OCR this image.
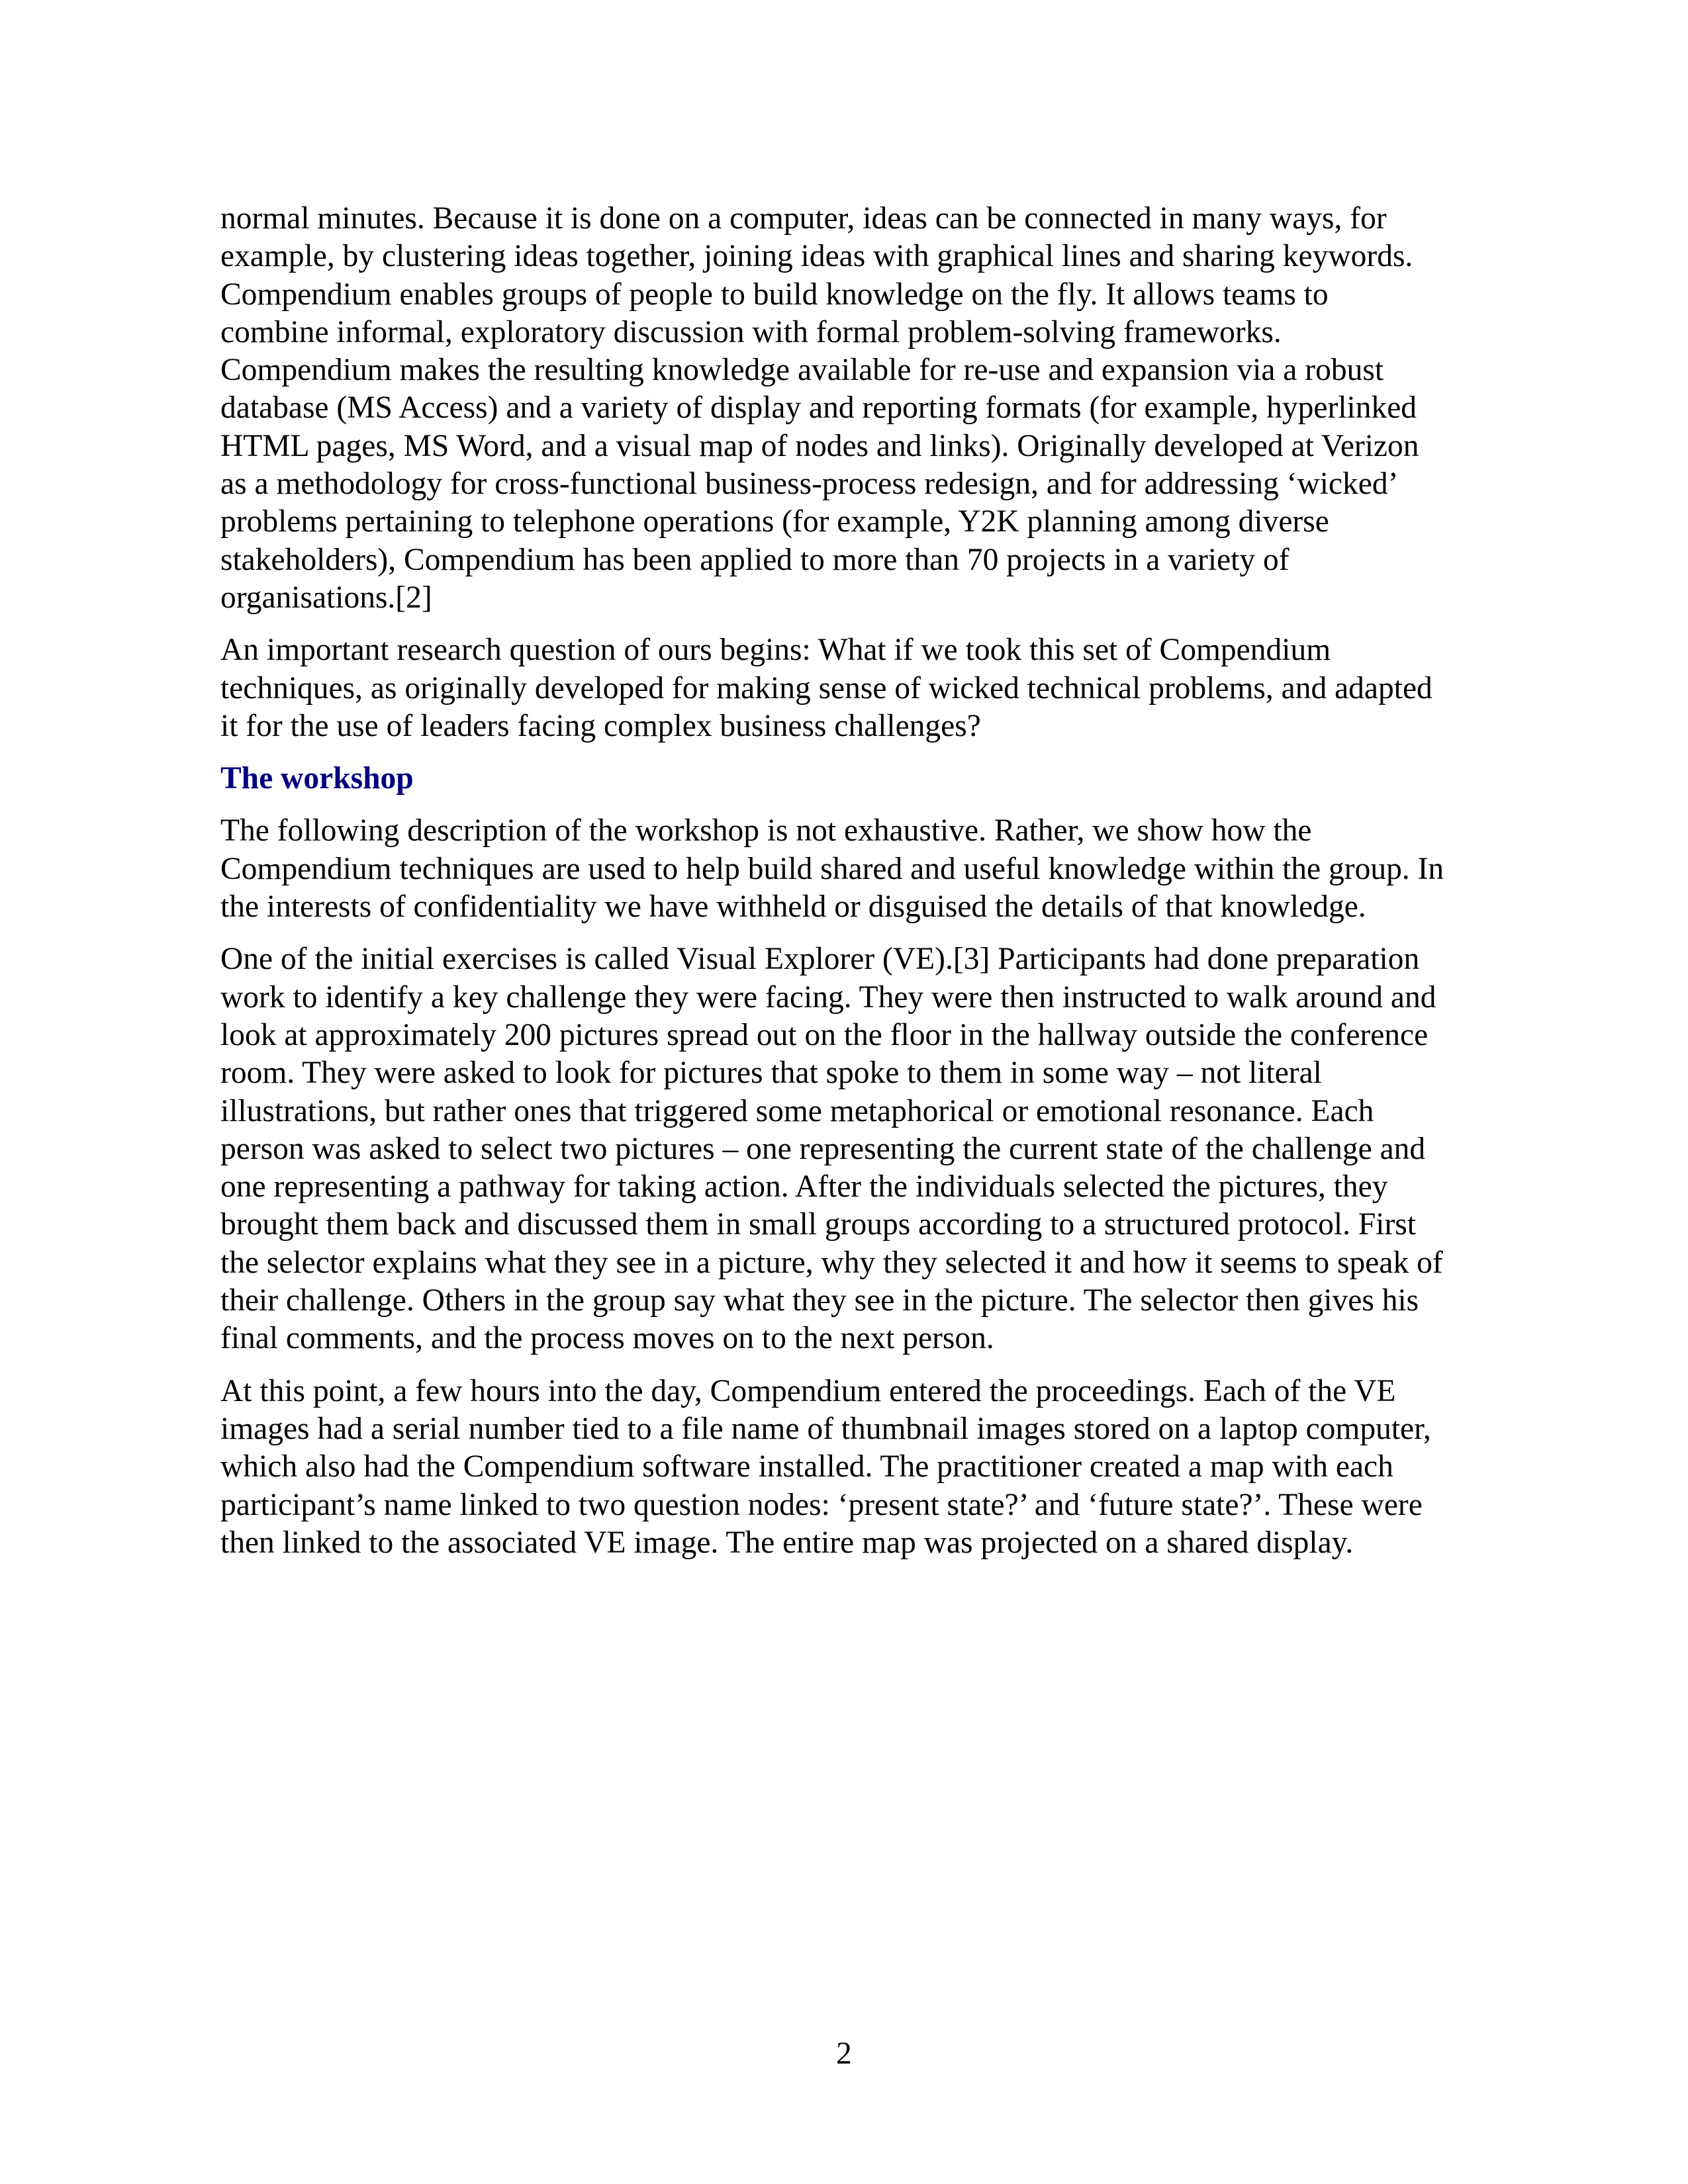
normal minutes. Because it is done on a computer, ideas can be connected in many ways, for
example, by clustering ideas together, joining ideas with graphical lines and sharing keywords.
Compendium enables groups of people to build knowledge on the fly. It allows teams to
combine informal, exploratory discussion with formal problem-solving frameworks.
Compendium makes the resulting knowledge available for re-use and expansion via a robust
database (MS Access) and a variety of display and reporting formats (for example, hyperlinked
HTML pages, MS Word, and a visual map of nodes and links). Originally developed at Verizon
as a methodology for cross-functional business-process redesign, and for addressing ‘wicked’
problems pertaining to telephone operations (for example, Y2K planning among diverse
stakeholders), Compendium has been applied to more than 70 projects in a variety of
organisations.[2]

An important research question of ours begins: What if we took this set of Compendium
techniques, as originally developed for making sense of wicked technical problems, and adapted
it for the use of leaders facing complex business challenges?

The workshop

The following description of the workshop is not exhaustive. Rather, we show how the
Compendium techniques are used to help build shared and useful knowledge within the group. In
the interests of confidentiality we have withheld or disguised the details of that knowledge.

One of the initial exercises is called Visual Explorer (VE).[3] Participants had done preparation
work to identify a key challenge they were facing. They were then instructed to walk around and
look at approximately 200 pictures spread out on the floor in the hallway outside the conference
room. They were asked to look for pictures that spoke to them in some way – not literal
illustrations, but rather ones that triggered some metaphorical or emotional resonance. Each
person was asked to select two pictures – one representing the current state of the challenge and
one representing a pathway for taking action. After the individuals selected the pictures, they
brought them back and discussed them in small groups according to a structured protocol. First
the selector explains what they see in a picture, why they selected it and how it seems to speak of
their challenge. Others in the group say what they see in the picture. The selector then gives his
final comments, and the process moves on to the next person.

At this point, a few hours into the day, Compendium entered the proceedings. Each of the VE
images had a serial number tied to a file name of thumbnail images stored on a laptop computer,
which also had the Compendium software installed. The practitioner created a map with each
participant’s name linked to two question nodes: ‘present state?’ and ‘future state?’. These were
then linked to the associated VE image. The entire map was projected on a shared display.

2
